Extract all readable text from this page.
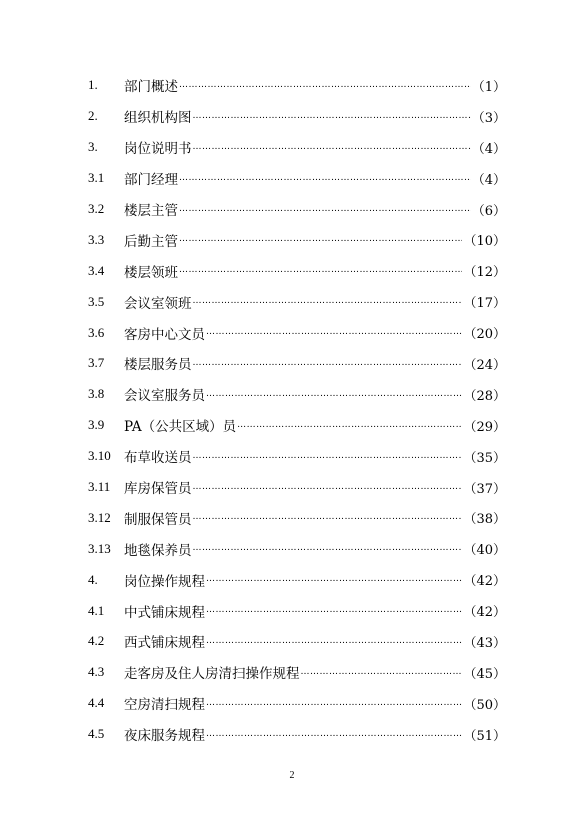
1.	部门概述 …………………………………………………………………………………………………………………………………………………………………………	（1）
2.	组织机构图 …………………………………………………………………………………………………………………………………………………………………………	（3）
3.	岗位说明书 …………………………………………………………………………………………………………………………………………………………………………	（4）
3.1	部门经理 …………………………………………………………………………………………………………………………………………………………………………	（4）
3.2	楼层主管 …………………………………………………………………………………………………………………………………………………………………………	（6）
3.3	后勤主管 …………………………………………………………………………………………………………………………………………………………………………	（10）
3.4	楼层领班 …………………………………………………………………………………………………………………………………………………………………………	（12）
3.5	会议室领班 …………………………………………………………………………………………………………………………………………………………………………	（17）
3.6	客房中心文员 …………………………………………………………………………………………………………………………………………………………………………	（20）
3.7	楼层服务员 …………………………………………………………………………………………………………………………………………………………………………	（24）
3.8	会议室服务员 …………………………………………………………………………………………………………………………………………………………………………	（28）
3.9	PA（公共区域）员 …………………………………………………………………………………………………………………………………………………………………………	（29）
3.10 布草收送员 …………………………………………………………………………………………………………………………………………………………………………	（35）
3.11	库房保管员 …………………………………………………………………………………………………………………………………………………………………………	（37）
3.12 制服保管员 …………………………………………………………………………………………………………………………………………………………………………	（38）
3.13 地毯保养员 …………………………………………………………………………………………………………………………………………………………………………	（40）
4.	岗位操作规程 …………………………………………………………………………………………………………………………………………………………………………	（42）
4.1	中式铺床规程 …………………………………………………………………………………………………………………………………………………………………………	（42）
4.2	西式铺床规程 …………………………………………………………………………………………………………………………………………………………………………	（43）
4.3	走客房及住人房清扫操作规程 …………………………………………………………………………………………………………………………………………………………………………	（45）
4.4	空房清扫规程 …………………………………………………………………………………………………………………………………………………………………………	（50）
4.5	夜床服务规程 …………………………………………………………………………………………………………………………………………………………………………	（51）
2
